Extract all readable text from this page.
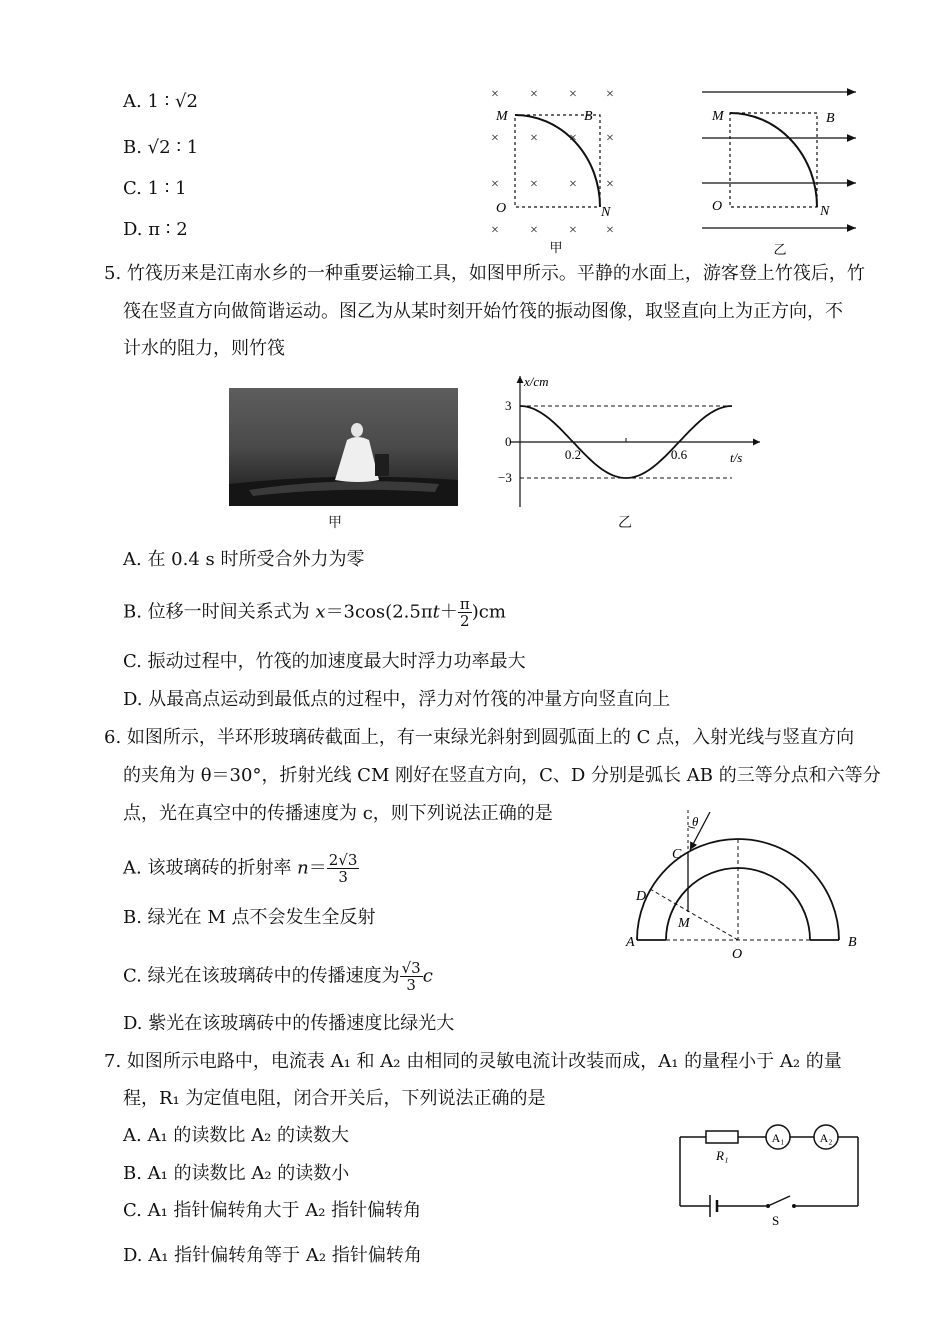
A. 1 ∶ √2
B. √2 ∶ 1
C. 1 ∶ 1
D. π ∶ 2
× × × ×
× × × ×
× × × ×
× × × ×
M	B
O	N
甲
M	B
O	N
乙
5. 竹筏历来是江南水乡的一种重要运输工具，如图甲所示。平静的水面上，游客登上竹筏后，竹
筏在竖直方向做简谐运动。图乙为从某时刻开始竹筏的振动图像，取竖直向上为正方向，不
计水的阻力，则竹筏
甲
x/cm
t/s
3
0
−3
0.2	0.6
乙
A. 在 0.4 s 时所受合外力为零
B. 位移一时间关系式为 $x=3\cos(2.5\pi t+ \frac{\pi}{2} )cm$
C. 振动过程中，竹筏的加速度最大时浮力功率最大
D. 从最高点运动到最低点的过程中，浮力对竹筏的冲量方向竖直向上
6. 如图所示，半环形玻璃砖截面上，有一束绿光斜射到圆弧面上的 C 点，入射光线与竖直方向
的夹角为 θ＝30°，折射光线 CM 刚好在竖直方向，C、D 分别是弧长 AB 的三等分点和六等分
点，光在真空中的传播速度为 c，则下列说法正确的是
A. 该玻璃砖的折射率 $n= \frac{2√3}{3}$
B. 绿光在 M 点不会发生全反射
C. 绿光在该玻璃砖中的传播速度为 $\frac{√3}{3}$ c
D. 紫光在该玻璃砖中的传播速度比绿光大
θ
C
D
M
A
O
B
7. 如图所示电路中，电流表 A₁ 和 A₂ 由相同的灵敏电流计改装而成，A₁ 的量程小于 A₂ 的量
程，R₁ 为定值电阻，闭合开关后，下列说法正确的是
A. A₁ 的读数比 A₂ 的读数大
B. A₁ 的读数比 A₂ 的读数小
C. A₁ 指针偏转角大于 A₂ 指针偏转角
D. A₁ 指针偏转角等于 A₂ 指针偏转角
R₁
A₁	A₂
S
